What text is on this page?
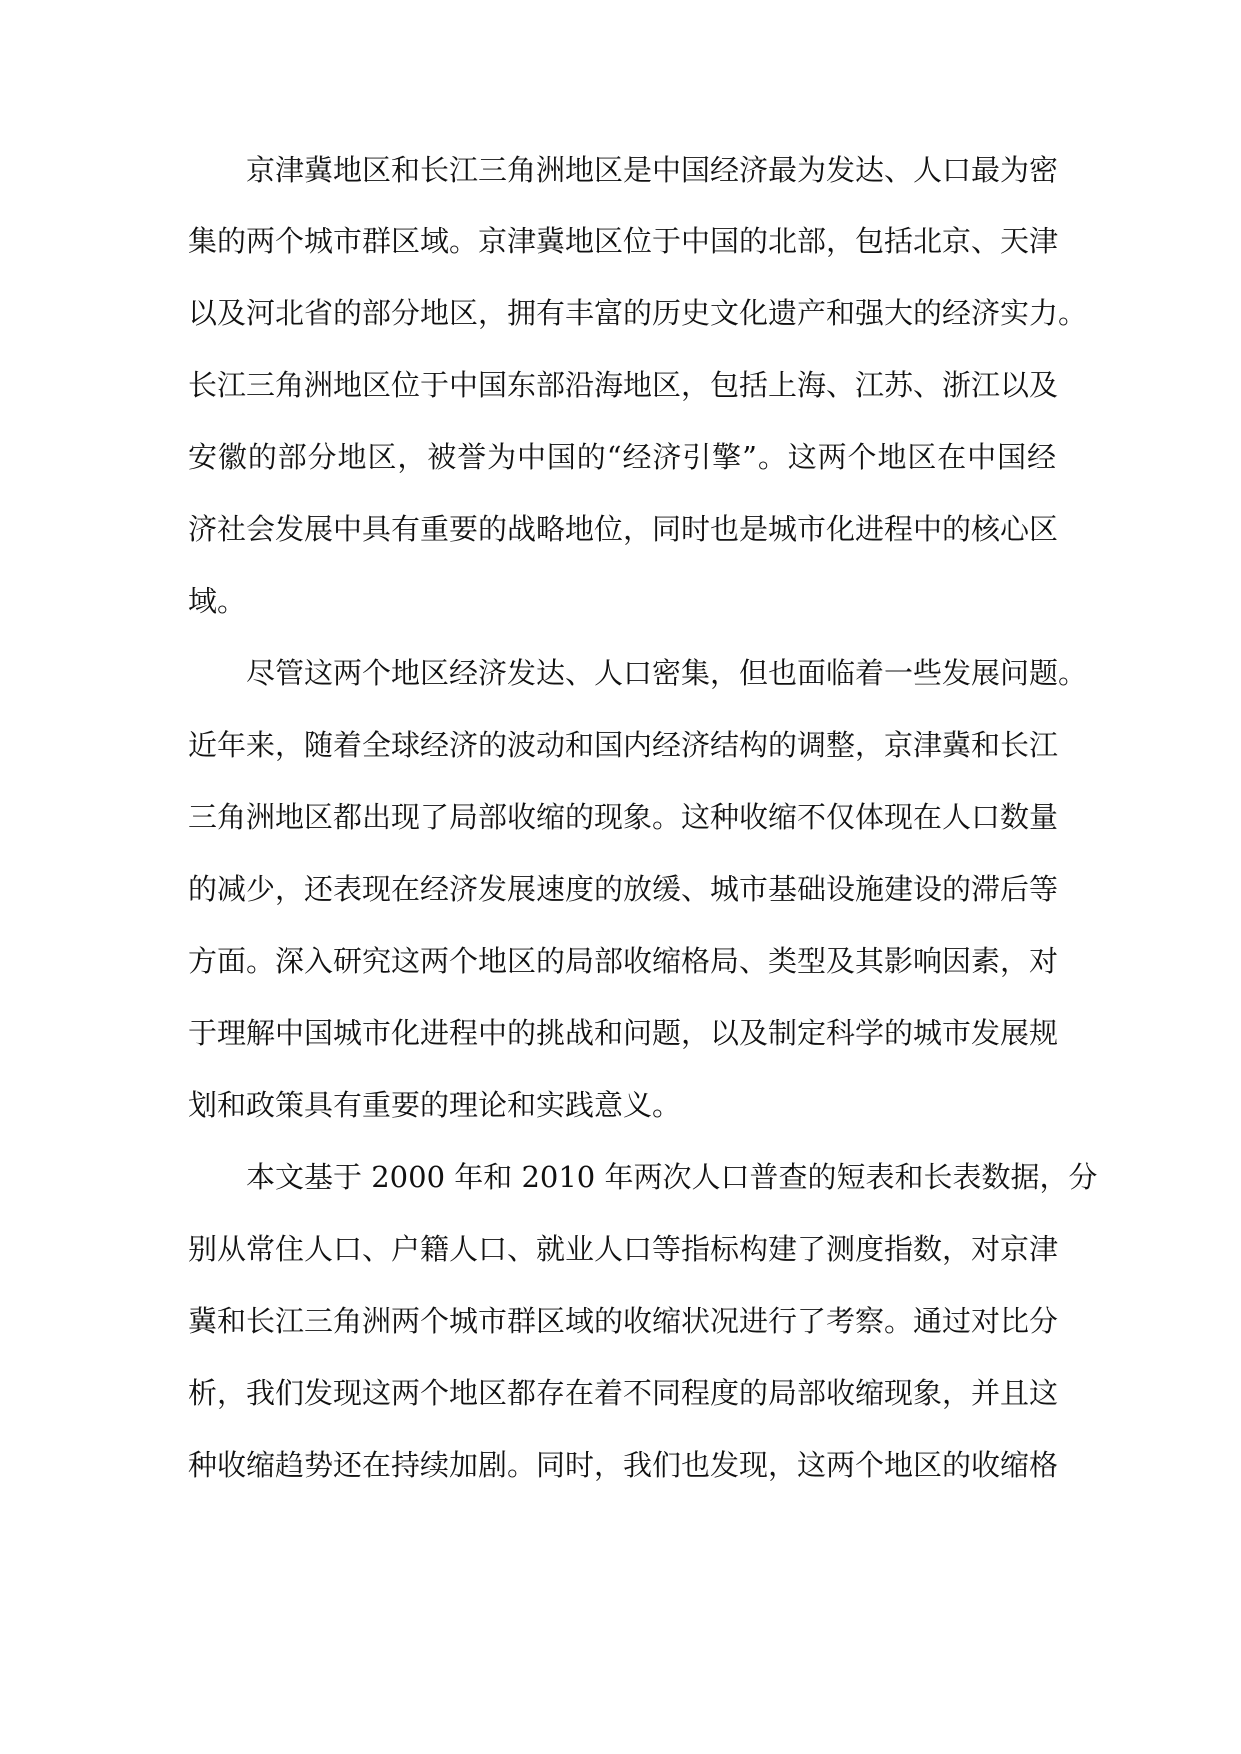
京津冀地区和长江三角洲地区是中国经济最为发达、人口最为密
集的两个城市群区域。京津冀地区位于中国的北部，包括北京、天津
以及河北省的部分地区，拥有丰富的历史文化遗产和强大的经济实力。
长江三角洲地区位于中国东部沿海地区，包括上海、江苏、浙江以及
安徽的部分地区，被誉为中国的“经济引擎”。这两个地区在中国经
济社会发展中具有重要的战略地位，同时也是城市化进程中的核心区
域。
尽管这两个地区经济发达、人口密集，但也面临着一些发展问题。
近年来，随着全球经济的波动和国内经济结构的调整，京津冀和长江
三角洲地区都出现了局部收缩的现象。这种收缩不仅体现在人口数量
的减少，还表现在经济发展速度的放缓、城市基础设施建设的滞后等
方面。深入研究这两个地区的局部收缩格局、类型及其影响因素，对
于理解中国城市化进程中的挑战和问题，以及制定科学的城市发展规
划和政策具有重要的理论和实践意义。
本文基于 2000 年和 2010 年两次人口普查的短表和长表数据，分
别从常住人口、户籍人口、就业人口等指标构建了测度指数，对京津
冀和长江三角洲两个城市群区域的收缩状况进行了考察。通过对比分
析，我们发现这两个地区都存在着不同程度的局部收缩现象，并且这
种收缩趋势还在持续加剧。同时，我们也发现，这两个地区的收缩格
